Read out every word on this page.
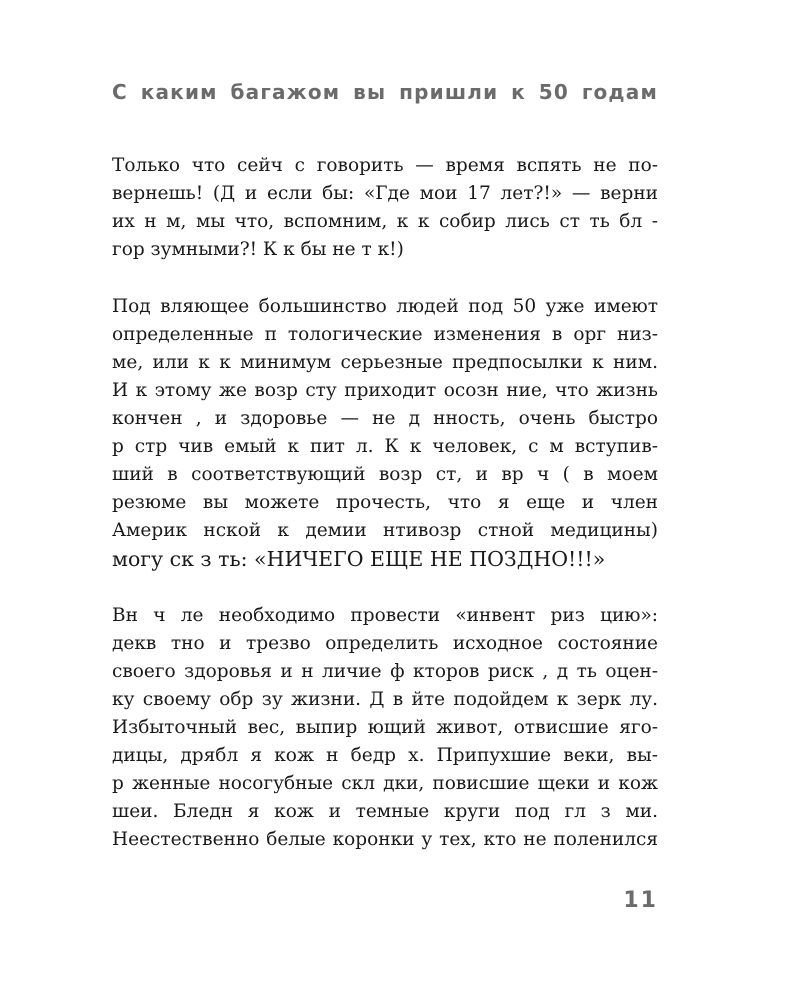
С каким багажом вы пришли к 50 годам
Только что сейч с говорить — время вспять не по-
вернешь! (Д и если бы: «Где мои 17 лет?!» — верни
их н м, мы что, вспомним, к к собир лись ст ть бл -
гор зумными?! К к бы не т к!)
Под вляющее большинство людей под 50 уже имеют
определенные п тологические изменения в орг низ-
ме, или к к минимум серьезные предпосылки к ним.
И к этому же возр сту приходит осозн ние, что жизнь
кончен , и здоровье — не д нность, очень быстро
р стр чив емый к пит л. К к человек, с м вступив-
ший в соответствующий возр ст, и вр ч ( в моем
резюме вы можете прочесть, что я еще и член
Америк нской к демии нтивозр стной медицины)
могу ск з ть: «НИЧЕГО ЕЩЕ НЕ ПОЗДНО!!!»
Вн ч ле необходимо провести «инвент риз цию»:
декв тно и трезво определить исходное состояние
своего здоровья и н личие ф кторов риск , д ть оцен-
ку своему обр зу жизни. Д в йте подойдем к зерк лу.
Избыточный вес, выпир ющий живот, отвисшие яго-
дицы, дрябл я кож н бедр х. Припухшие веки, вы-
р женные носогубные скл дки, повисшие щеки и кож
шеи. Бледн я кож и темные круги под гл з ми.
Неестественно белые коронки у тех, кто не поленился
11
